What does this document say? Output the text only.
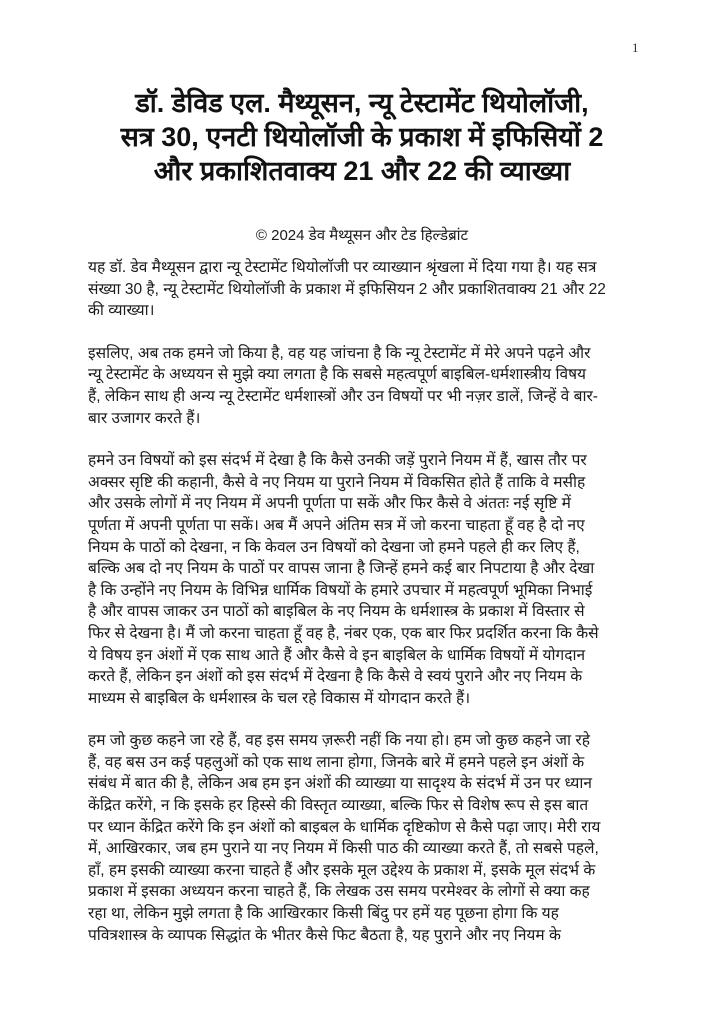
1
डॉ. डेविड एल. मैथ्यूसन, न्यू टेस्टामेंट थियोलॉजी,
सत्र 30, एनटी थियोलॉजी के प्रकाश में इफिसियों 2
और प्रकाशितवाक्य 21 और 22 की व्याख्या
© 2024 डेव मैथ्यूसन और टेड हिल्डेब्रांट

यह डॉ. डेव मैथ्यूसन द्वारा न्यू टेस्टामेंट थियोलॉजी पर व्याख्यान श्रृंखला में दिया गया है। यह सत्र
संख्या 30 है, न्यू टेस्टामेंट थियोलॉजी के प्रकाश में इफिसियन 2 और प्रकाशितवाक्य 21 और 22
की व्याख्या।

इसलिए, अब तक हमने जो किया है, वह यह जांचना है कि न्यू टेस्टामेंट में मेरे अपने पढ़ने और
न्यू टेस्टामेंट के अध्ययन से मुझे क्या लगता है कि सबसे महत्वपूर्ण बाइबिल-धर्मशास्त्रीय विषय
हैं, लेकिन साथ ही अन्य न्यू टेस्टामेंट धर्मशास्त्रों और उन विषयों पर भी नज़र डालें, जिन्हें वे बार-
बार उजागर करते हैं।

हमने उन विषयों को इस संदर्भ में देखा है कि कैसे उनकी जड़ें पुराने नियम में हैं, खास तौर पर
अक्सर सृष्टि की कहानी, कैसे वे नए नियम या पुराने नियम में विकसित होते हैं ताकि वे मसीह
और उसके लोगों में नए नियम में अपनी पूर्णता पा सकें और फिर कैसे वे अंततः नई सृष्टि में
पूर्णता में अपनी पूर्णता पा सकें। अब मैं अपने अंतिम सत्र में जो करना चाहता हूँ वह है दो नए
नियम के पाठों को देखना, न कि केवल उन विषयों को देखना जो हमने पहले ही कर लिए हैं,
बल्कि अब दो नए नियम के पाठों पर वापस जाना है जिन्हें हमने कई बार निपटाया है और देखा
है कि उन्होंने नए नियम के विभिन्न धार्मिक विषयों के हमारे उपचार में महत्वपूर्ण भूमिका निभाई
है और वापस जाकर उन पाठों को बाइबिल के नए नियम के धर्मशास्त्र के प्रकाश में विस्तार से
फिर से देखना है। मैं जो करना चाहता हूँ वह है, नंबर एक, एक बार फिर प्रदर्शित करना कि कैसे
ये विषय इन अंशों में एक साथ आते हैं और कैसे वे इन बाइबिल के धार्मिक विषयों में योगदान
करते हैं, लेकिन इन अंशों को इस संदर्भ में देखना है कि कैसे वे स्वयं पुराने और नए नियम के
माध्यम से बाइबिल के धर्मशास्त्र के चल रहे विकास में योगदान करते हैं।

हम जो कुछ कहने जा रहे हैं, वह इस समय ज़रूरी नहीं कि नया हो। हम जो कुछ कहने जा रहे
हैं, वह बस उन कई पहलुओं को एक साथ लाना होगा, जिनके बारे में हमने पहले इन अंशों के
संबंध में बात की है, लेकिन अब हम इन अंशों की व्याख्या या सादृश्य के संदर्भ में उन पर ध्यान
केंद्रित करेंगे, न कि इसके हर हिस्से की विस्तृत व्याख्या, बल्कि फिर से विशेष रूप से इस बात
पर ध्यान केंद्रित करेंगे कि इन अंशों को बाइबल के धार्मिक दृष्टिकोण से कैसे पढ़ा जाए। मेरी राय
में, आखिरकार, जब हम पुराने या नए नियम में किसी पाठ की व्याख्या करते हैं, तो सबसे पहले,
हाँ, हम इसकी व्याख्या करना चाहते हैं और इसके मूल उद्देश्य के प्रकाश में, इसके मूल संदर्भ के
प्रकाश में इसका अध्ययन करना चाहते हैं, कि लेखक उस समय परमेश्वर के लोगों से क्या कह
रहा था, लेकिन मुझे लगता है कि आखिरकार किसी बिंदु पर हमें यह पूछना होगा कि यह
पवित्रशास्त्र के व्यापक सिद्धांत के भीतर कैसे फिट बैठता है, यह पुराने और नए नियम के
